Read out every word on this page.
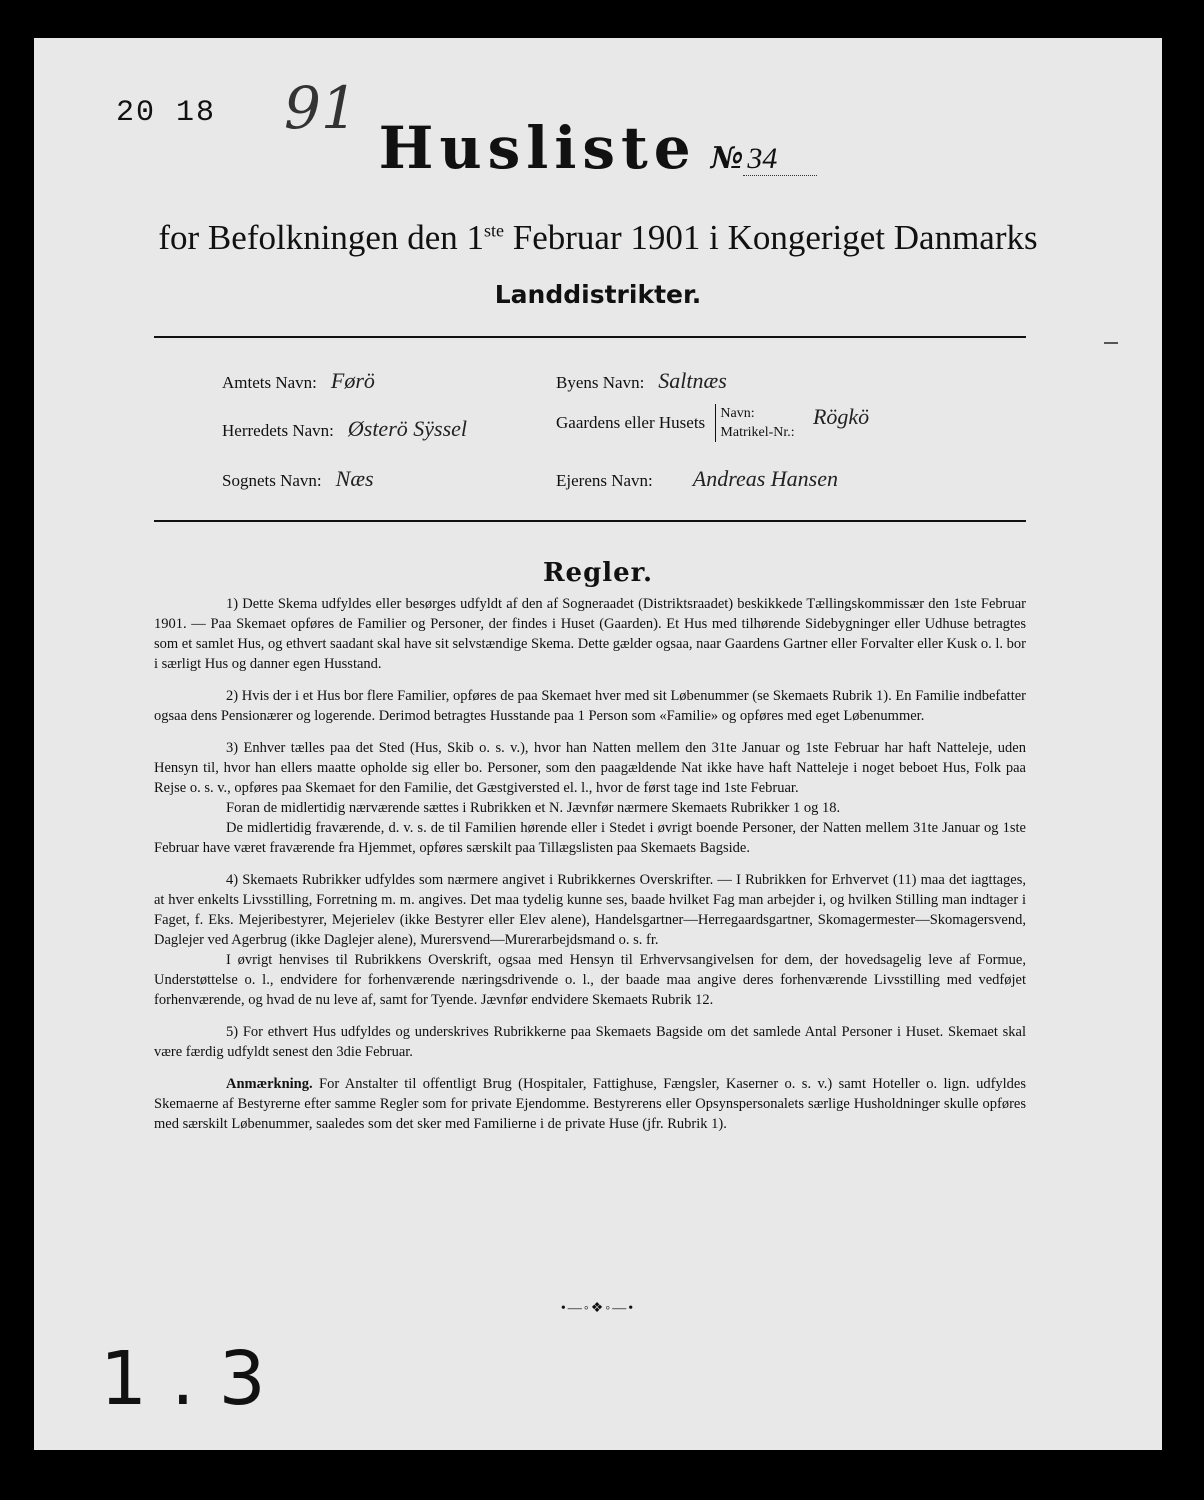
20 18 91
Husliste № 34
for Befolkningen den 1ste Februar 1901 i Kongeriget Danmarks
Landdistrikter.
Amtets Navn: Førö
Herredets Navn: Østerö Sÿssel
Sognets Navn: Næs
Byens Navn: Saltnæs
Gaardens eller Husets Navn:
Matrikel-Nr.: Rögkö
Ejerens Navn: Andreas Hansen
Regler.

1) Dette Skema udfyldes eller besørges udfyldt af den af Sogneraadet (Distriktsraadet) beskikkede Tællingskommissær den 1ste Februar 1901. — Paa Skemaet opføres de Familier og Personer, der findes i Huset (Gaarden). Et Hus med tilhørende Sidebygninger eller Udhuse betragtes som et samlet Hus, og ethvert saadant skal have sit selvstændige Skema. Dette gælder ogsaa, naar Gaardens Gartner eller Forvalter eller Kusk o. l. bor i særligt Hus og danner egen Husstand.

2) Hvis der i et Hus bor flere Familier, opføres de paa Skemaet hver med sit Løbenummer (se Skemaets Rubrik 1). En Familie indbefatter ogsaa dens Pensionærer og logerende. Derimod betragtes Husstande paa 1 Person som «Familie» og opføres med eget Løbenummer.

3) Enhver tælles paa det Sted (Hus, Skib o. s. v.), hvor han Natten mellem den 31te Januar og 1ste Februar har haft Natteleje, uden Hensyn til, hvor han ellers maatte opholde sig eller bo. Personer, som den paagældende Nat ikke have haft Natteleje i noget beboet Hus, Folk paa Rejse o. s. v., opføres paa Skemaet for den Familie, det Gæstgiversted el. l., hvor de først tage ind 1ste Februar.

Foran de midlertidig nærværende sættes i Rubrikken et N. Jævnfør nærmere Skemaets Rubrikker 1 og 18.

De midlertidig fraværende, d. v. s. de til Familien hørende eller i Stedet i øvrigt boende Personer, der Natten mellem 31te Januar og 1ste Februar have været fraværende fra Hjemmet, opføres særskilt paa Tillægslisten paa Skemaets Bagside.

4) Skemaets Rubrikker udfyldes som nærmere angivet i Rubrikkernes Overskrifter. — I Rubrikken for Erhvervet (11) maa det iagttages, at hver enkelts Livsstilling, Forretning m. m. angives. Det maa tydelig kunne ses, baade hvilket Fag man arbejder i, og hvilken Stilling man indtager i Faget, f. Eks. Mejeribestyrer, Mejerielev (ikke Bestyrer eller Elev alene), Handelsgartner—Herregaardsgartner, Skomagermester—Skomagersvend, Daglejer ved Agerbrug (ikke Daglejer alene), Murersvend—Murerarbejdsmand o. s. fr.

I øvrigt henvises til Rubrikkens Overskrift, ogsaa med Hensyn til Erhvervsangivelsen for dem, der hovedsagelig leve af Formue, Understøttelse o. l., endvidere for forhenværende næringsdrivende o. l., der baade maa angive deres forhenværende Livsstilling med vedføjet forhenværende, og hvad de nu leve af, samt for Tyende. Jævnfør endvidere Skemaets Rubrik 12.

5) For ethvert Hus udfyldes og underskrives Rubrikkerne paa Skemaets Bagside om det samlede Antal Personer i Huset. Skemaet skal være færdig udfyldt senest den 3die Februar.

Anmærkning. For Anstalter til offentligt Brug (Hospitaler, Fattighuse, Fængsler, Kaserner o. s. v.) samt Hoteller o. lign. udfyldes Skemaerne af Bestyrerne efter samme Regler som for private Ejendomme. Bestyrerens eller Opsynspersonalets særlige Husholdninger skulle opføres med særskilt Løbenummer, saaledes som det sker med Familierne i de private Huse (jfr. Rubrik 1).

•—◦❖◦—•
1.3
